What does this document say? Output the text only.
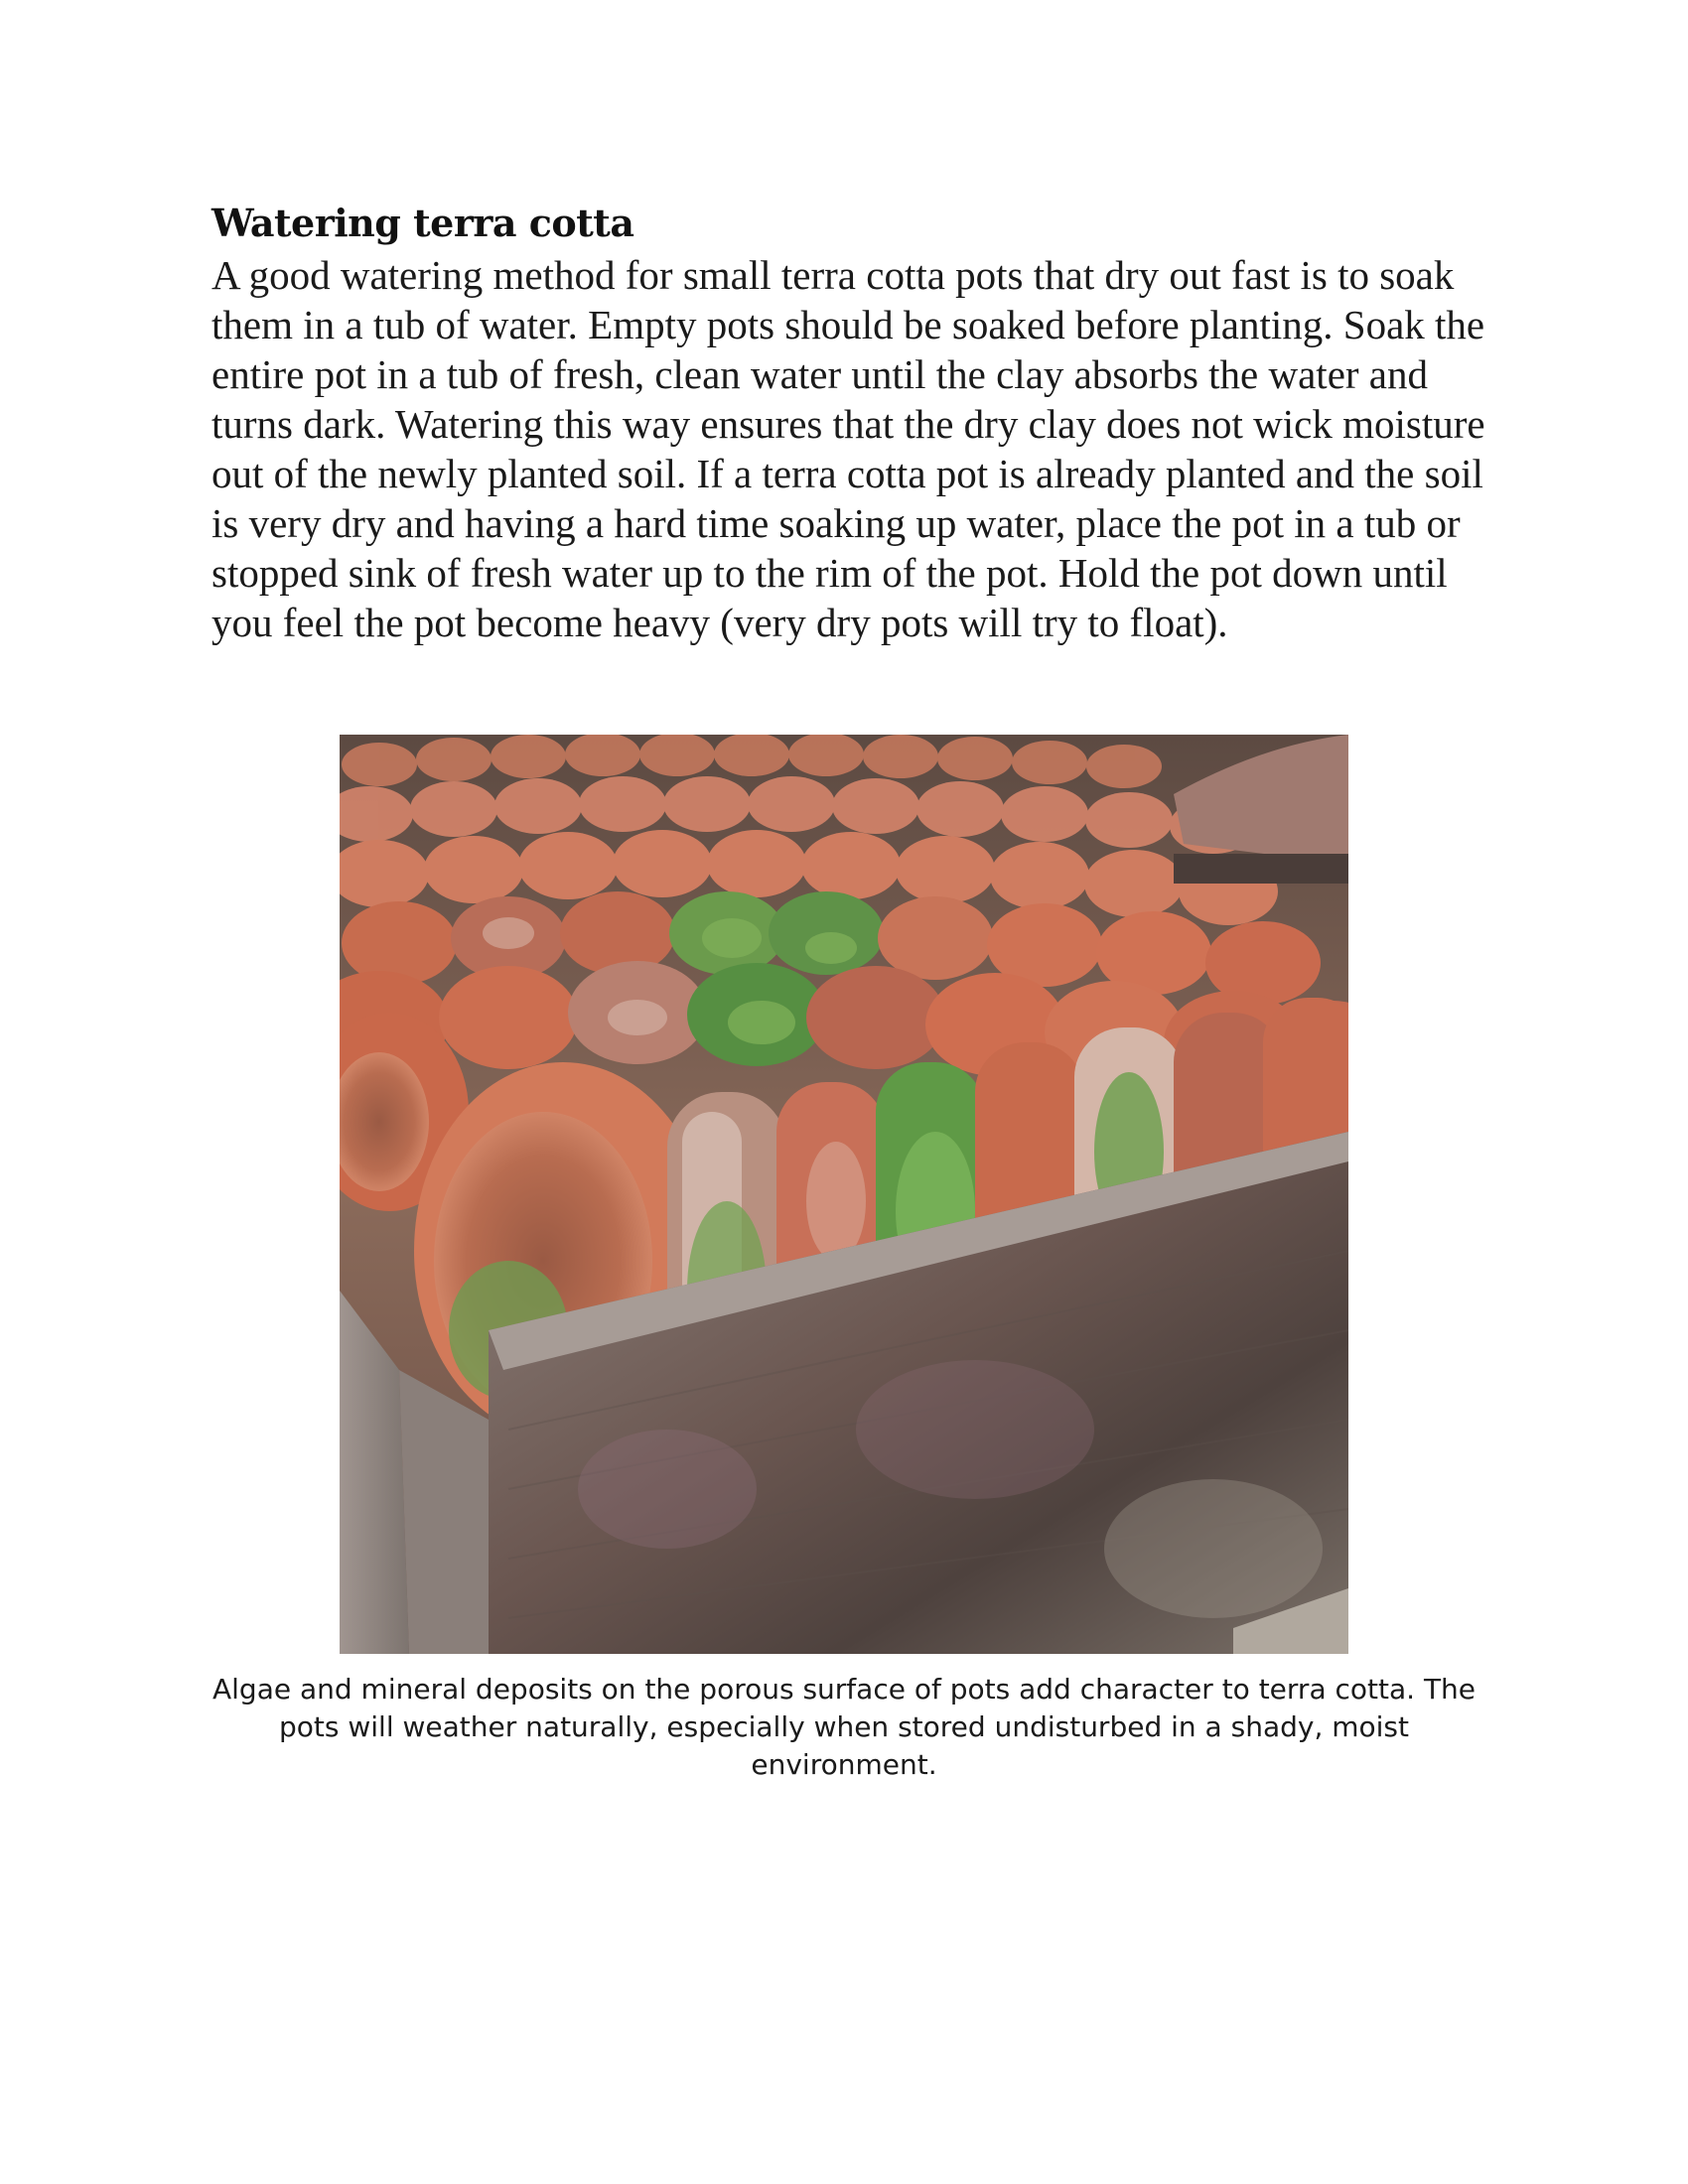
Watering terra cotta

A good watering method for small terra cotta pots that dry out fast is to soak them in a tub of water. Empty pots should be soaked before planting. Soak the entire pot in a tub of fresh, clean water until the clay absorbs the water and turns dark. Watering this way ensures that the dry clay does not wick moisture out of the newly planted soil. If a terra cotta pot is already planted and the soil is very dry and having a hard time soaking up water, place the pot in a tub or stopped sink of fresh water up to the rim of the pot. Hold the pot down until you feel the pot become heavy (very dry pots will try to float).

Algae and mineral deposits on the porous surface of pots add character to terra cotta. The pots will weather naturally, especially when stored undisturbed in a shady, moist environment.
